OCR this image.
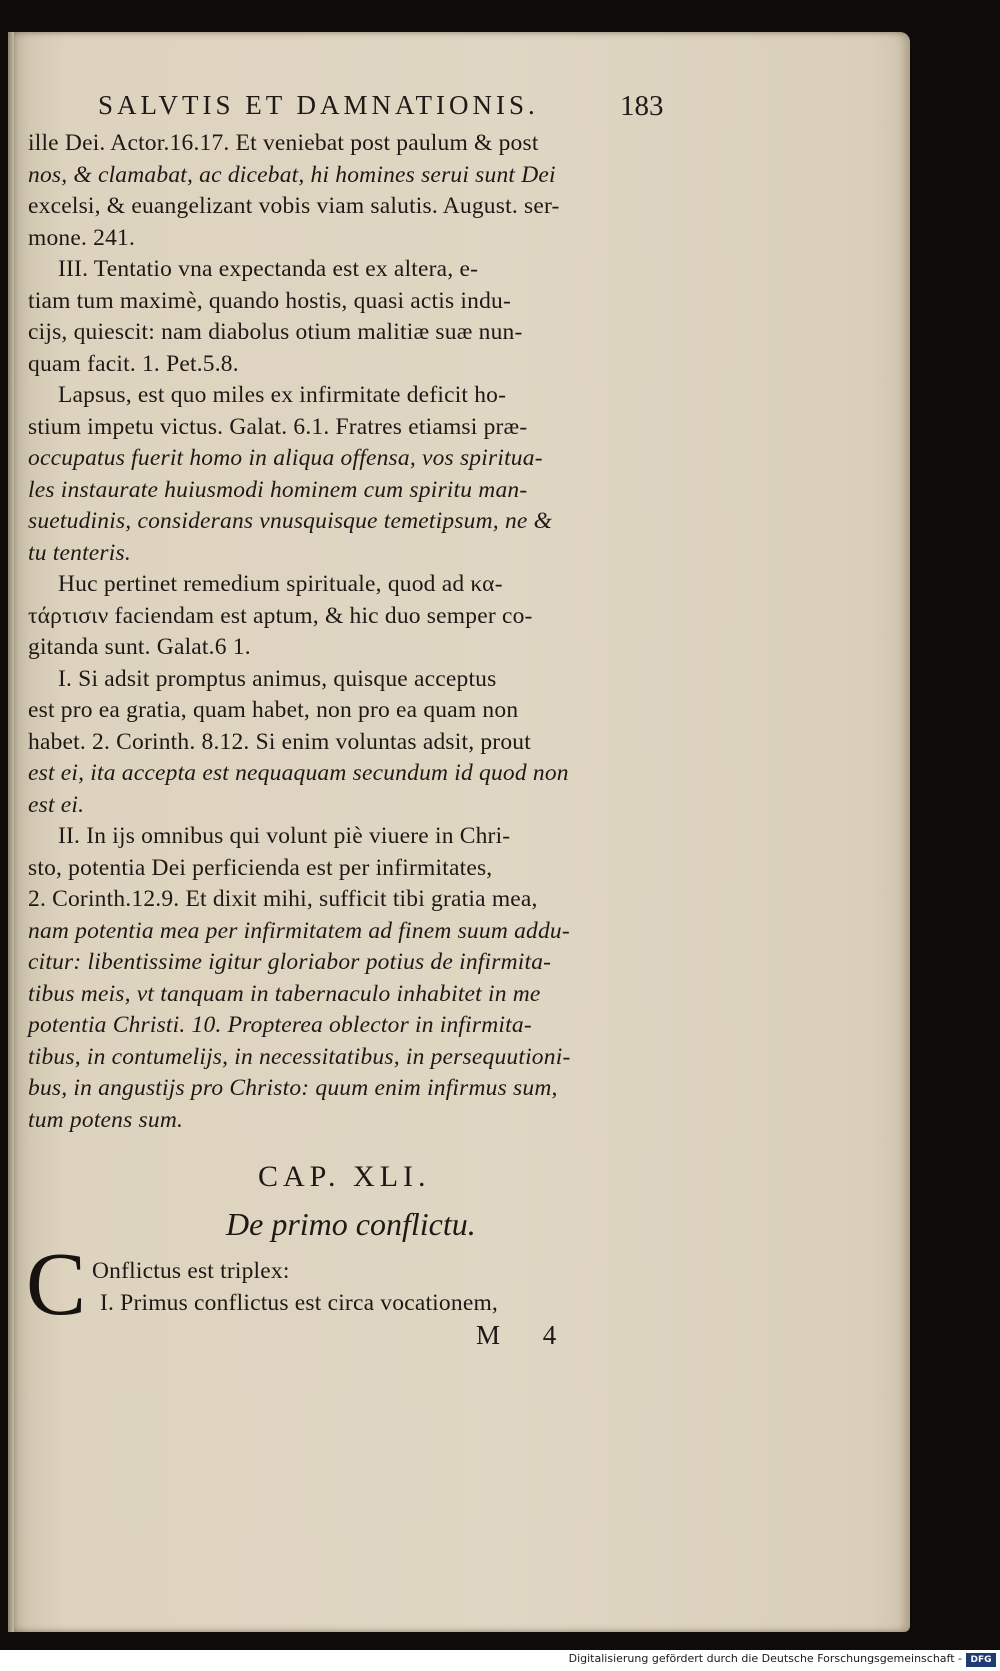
SALVTIS ET DAMNATIONIS.	183
ille Dei. Actor.16.17. Et veniebat post paulum & post
nos, & clamabat, ac dicebat, hi homines serui sunt Dei
excelsi, & euangelizant vobis viam salutis. August. ser-
mone. 241.
III. Tentatio vna expectanda est ex altera, e-
tiam tum maximè, quando hostis, quasi actis indu-
cijs, quiescit: nam diabolus otium malitiæ suæ nun-
quam facit. 1. Pet.5.8.
Lapsus, est quo miles ex infirmitate deficit ho-
stium impetu victus. Galat. 6.1. Fratres etiamsi præ-
occupatus fuerit homo in aliqua offensa, vos spiritua-
les instaurate huiusmodi hominem cum spiritu man-
suetudinis, considerans vnusquisque temetipsum, ne &
tu tenteris.
Huc pertinet remedium spirituale, quod ad κα-
τάρτισιν faciendam est aptum, & hic duo semper co-
gitanda sunt. Galat.6 1.
I. Si adsit promptus animus, quisque acceptus
est pro ea gratia, quam habet, non pro ea quam non
habet. 2. Corinth. 8.12. Si enim voluntas adsit, prout
est ei, ita accepta est nequaquam secundum id quod non
est ei.
II. In ijs omnibus qui volunt piè viuere in Chri-
sto, potentia Dei perficienda est per infirmitates,
2. Corinth.12.9. Et dixit mihi, sufficit tibi gratia mea,
nam potentia mea per infirmitatem ad finem suum addu-
citur: libentissime igitur gloriabor potius de infirmita-
tibus meis, vt tanquam in tabernaculo inhabitet in me
potentia Christi. 10. Propterea oblector in infirmita-
tibus, in contumelijs, in necessitatibus, in persequutioni-
bus, in angustijs pro Christo: quum enim infirmus sum,
tum potens sum.
CAP. XLI.
De primo conflictu.
C Onflictus est triplex:
I. Primus conflictus est circa vocationem,
M 4
Digitalisierung gefördert durch die Deutsche Forschungsgemeinschaft - DFG
